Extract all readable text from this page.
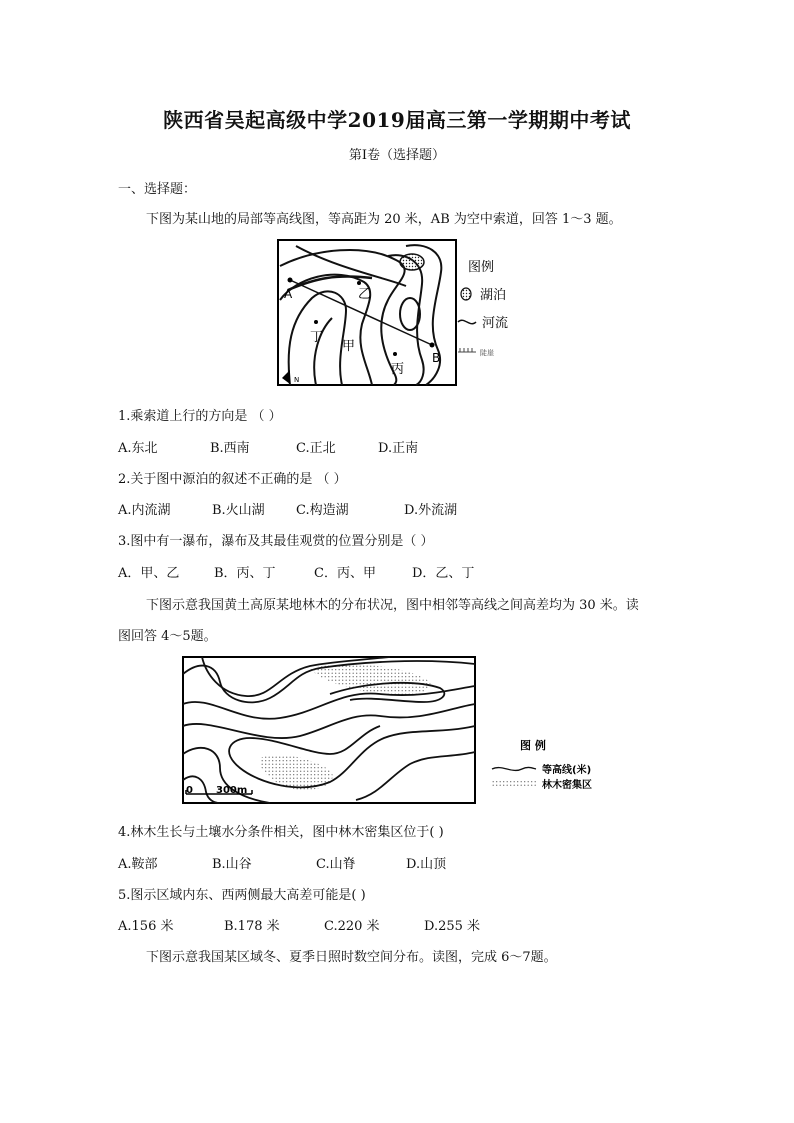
陕西省吴起高级中学2019届高三第一学期期中考试
第Ⅰ卷（选择题）
一、选择题：
下图为某山地的局部等高线图，等高距为 20 米，AB 为空中索道，回答 1～3 题。
A
B
乙
丁
甲
丙
N
图例
湖泊
河流
陡崖
1.乘索道上行的方向是 （ ）
A.东北	B.西南	C.正北	D.正南
2.关于图中源泊的叙述不正确的是 （ ）
A.内流湖	B.火山湖 C.构造湖	D.外流湖
3.图中有一瀑布，瀑布及其最佳观赏的位置分别是（ ）
A．甲、乙	B．丙、丁	C．丙、甲	D．乙、丁
下图示意我国黄土高原某地林木的分布状况，图中相邻等高线之间高差均为 30 米。读
图回答 4～5题。
0 300m
图 例
等高线(米)
林木密集区
4.林木生长与土壤水分条件相关，图中林木密集区位于( )
A.鞍部	B.山谷	C.山脊	D.山顶
5.图示区域内东、西两侧最大高差可能是( )
A.156 米	B.178 米	C.220 米	D.255 米
下图示意我国某区域冬、夏季日照时数空间分布。读图，完成 6～7题。
